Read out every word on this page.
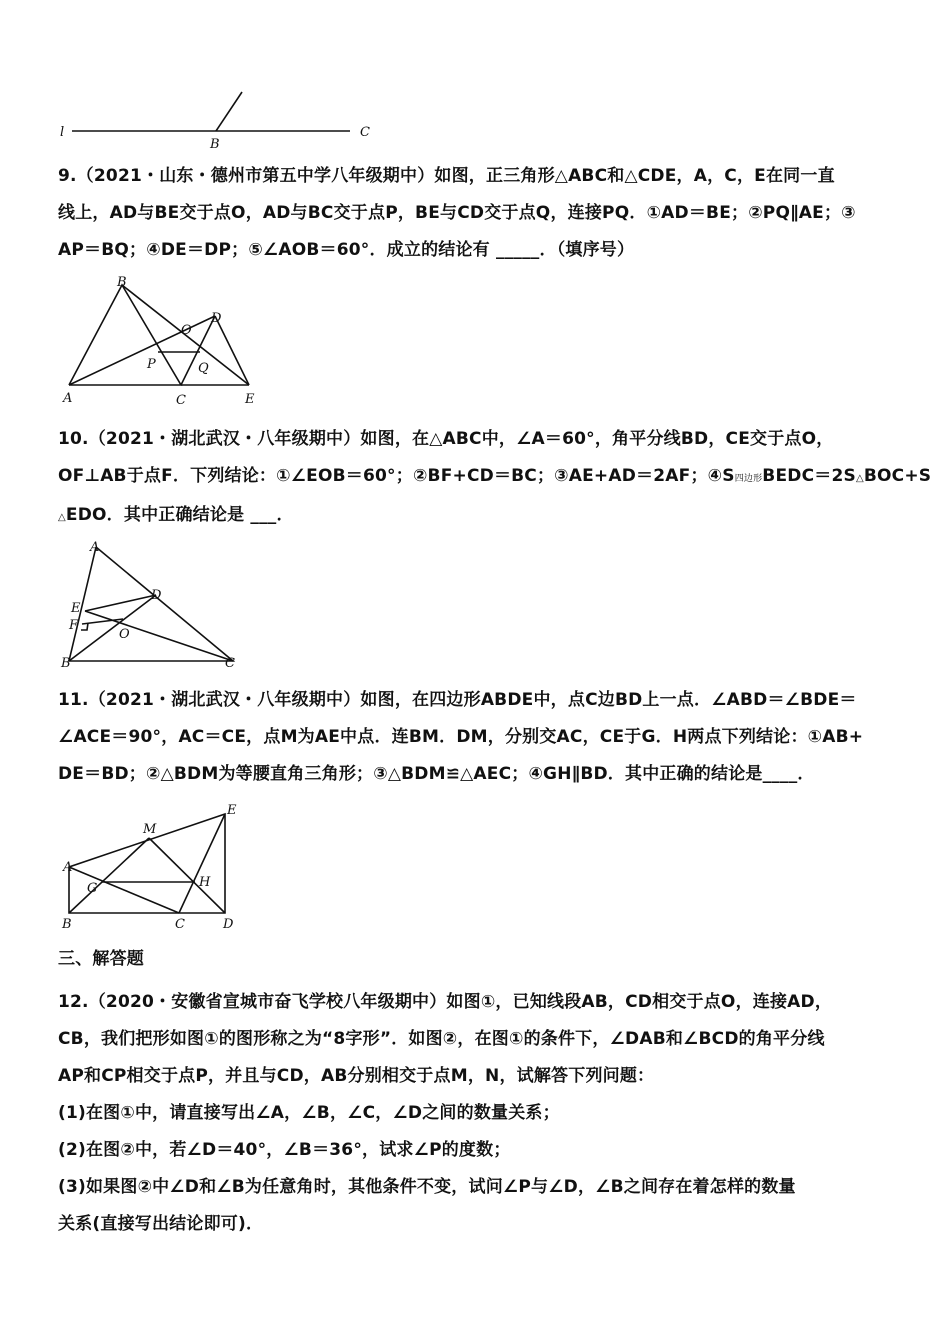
l
B
C
9.（2021・山东・德州市第五中学八年级期中）如图，正三角形△ABC和△CDE，A，C，E在同一直
线上，AD与BE交于点O，AD与BC交于点P，BE与CD交于点Q，连接PQ．①AD＝BE；②PQ∥AE；③
AP＝BQ；④DE＝DP；⑤∠AOB＝60°．成立的结论有 _____．（填序号）
A
B
C
D
E
O
P	Q
10.（2021・湖北武汉・八年级期中）如图，在△ABC中，∠A＝60°，角平分线BD，CE交于点O，
OF⊥AB于点F．下列结论：①∠EOB＝60°；②BF+CD＝BC；③AE+AD＝2AF；④S四边形BEDC＝2S△BOC+S
△EDO．其中正确结论是 ___．
A
B	C
D
E
F
O
11.（2021・湖北武汉・八年级期中）如图，在四边形ABDE中，点C边BD上一点．∠ABD＝∠BDE＝
∠ACE＝90°，AC＝CE，点M为AE中点．连BM．DM，分别交AC，CE于G．H两点下列结论：①AB+
DE＝BD；②△BDM为等腰直角三角形；③△BDM≌△AEC；④GH∥BD．其中正确的结论是____．
A
B	C	D
E
G	H
M
三、解答题
12.（2020・安徽省宣城市奋飞学校八年级期中）如图①，已知线段AB，CD相交于点O，连接AD，
CB，我们把形如图①的图形称之为“8字形”．如图②，在图①的条件下，∠DAB和∠BCD的角平分线
AP和CP相交于点P，并且与CD，AB分别相交于点M，N，试解答下列问题：
(1)在图①中，请直接写出∠A，∠B，∠C，∠D之间的数量关系；
(2)在图②中，若∠D＝40°，∠B＝36°，试求∠P的度数；
(3)如果图②中∠D和∠B为任意角时，其他条件不变，试问∠P与∠D，∠B之间存在着怎样的数量
关系(直接写出结论即可)．
